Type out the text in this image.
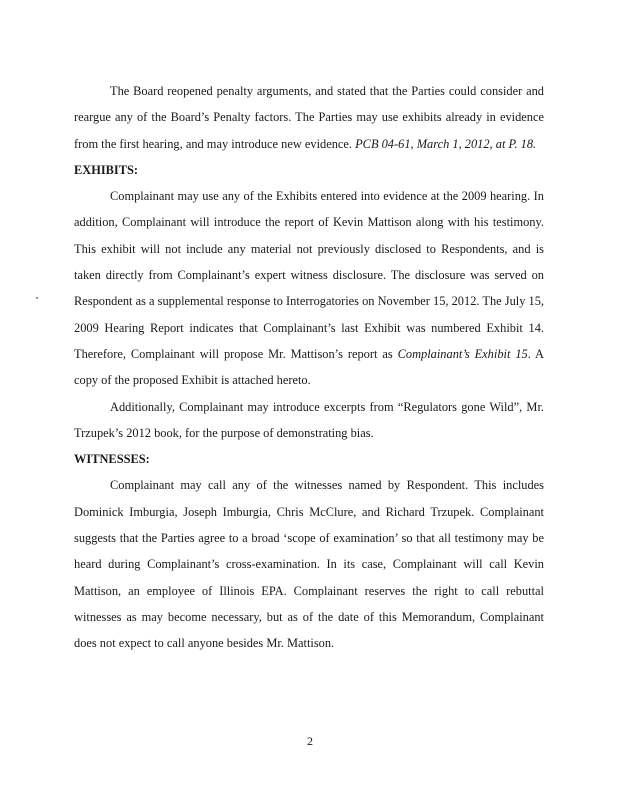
The Board reopened penalty arguments, and stated that the Parties could consider and reargue any of the Board’s Penalty factors. The Parties may use exhibits already in evidence from the first hearing, and may introduce new evidence. PCB 04-61, March 1, 2012, at P. 18.

EXHIBITS:

Complainant may use any of the Exhibits entered into evidence at the 2009 hearing. In addition, Complainant will introduce the report of Kevin Mattison along with his testimony. This exhibit will not include any material not previously disclosed to Respondents, and is taken directly from Complainant’s expert witness disclosure. The disclosure was served on Respondent as a supplemental response to Interrogatories on November 15, 2012. The July 15, 2009 Hearing Report indicates that Complainant’s last Exhibit was numbered Exhibit 14. Therefore, Complainant will propose Mr. Mattison’s report as Complainant’s Exhibit 15. A copy of the proposed Exhibit is attached hereto.

Additionally, Complainant may introduce excerpts from “Regulators gone Wild”, Mr. Trzupek’s 2012 book, for the purpose of demonstrating bias.

WITNESSES:

Complainant may call any of the witnesses named by Respondent. This includes Dominick Imburgia, Joseph Imburgia, Chris McClure, and Richard Trzupek. Complainant suggests that the Parties agree to a broad ‘scope of examination’ so that all testimony may be heard during Complainant’s cross-examination. In its case, Complainant will call Kevin Mattison, an employee of Illinois EPA. Complainant reserves the right to call rebuttal witnesses as may become necessary, but as of the date of this Memorandum, Complainant does not expect to call anyone besides Mr. Mattison.

2
